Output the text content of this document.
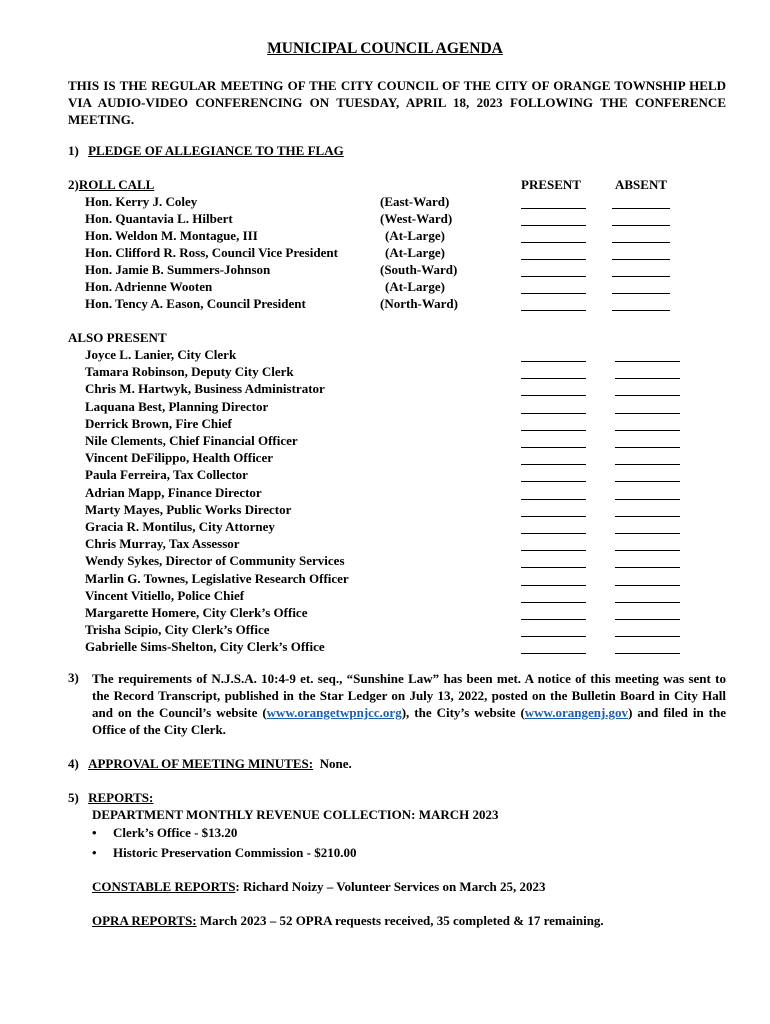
MUNICIPAL COUNCIL AGENDA
THIS IS THE REGULAR MEETING OF THE CITY COUNCIL OF THE CITY OF ORANGE TOWNSHIP HELD VIA AUDIO-VIDEO CONFERENCING ON TUESDAY, APRIL 18, 2023 FOLLOWING THE CONFERENCE MEETING.
1) PLEDGE OF ALLEGIANCE TO THE FLAG
2)ROLL CALL	PRESENT	ABSENT
Hon. Kerry J. Coley	(East-Ward)
Hon. Quantavia L. Hilbert	(West-Ward)
Hon. Weldon M. Montague, III	(At-Large)
Hon. Clifford R. Ross, Council Vice President	(At-Large)
Hon. Jamie B. Summers-Johnson	(South-Ward)
Hon. Adrienne Wooten	(At-Large)
Hon. Tency A. Eason, Council President	(North-Ward)
ALSO PRESENT
Joyce L. Lanier, City Clerk
Tamara Robinson, Deputy City Clerk
Chris M. Hartwyk, Business Administrator
Laquana Best, Planning Director
Derrick Brown, Fire Chief
Nile Clements, Chief Financial Officer
Vincent DeFilippo, Health Officer
Paula Ferreira, Tax Collector
Adrian Mapp, Finance Director
Marty Mayes, Public Works Director
Gracia R. Montilus, City Attorney
Chris Murray, Tax Assessor
Wendy Sykes, Director of Community Services
Marlin G. Townes, Legislative Research Officer
Vincent Vitiello, Police Chief
Margarette Homere, City Clerk’s Office
Trisha Scipio, City Clerk’s Office
Gabrielle Sims-Shelton, City Clerk’s Office
3) The requirements of N.J.S.A. 10:4-9 et. seq., “Sunshine Law” has been met. A notice of this meeting was sent to the Record Transcript, published in the Star Ledger on July 13, 2022, posted on the Bulletin Board in City Hall and on the Council’s website (www.orangetwpnjcc.org), the City’s website (www.orangenj.gov) and filed in the Office of the City Clerk.
4) APPROVAL OF MEETING MINUTES:  None.
5) REPORTS:
DEPARTMENT MONTHLY REVENUE COLLECTION: MARCH 2023
• Clerk’s Office - $13.20
• Historic Preservation Commission - $210.00
CONSTABLE REPORTS: Richard Noizy – Volunteer Services on March 25, 2023
OPRA REPORTS: March 2023 – 52 OPRA requests received, 35 completed & 17 remaining.
